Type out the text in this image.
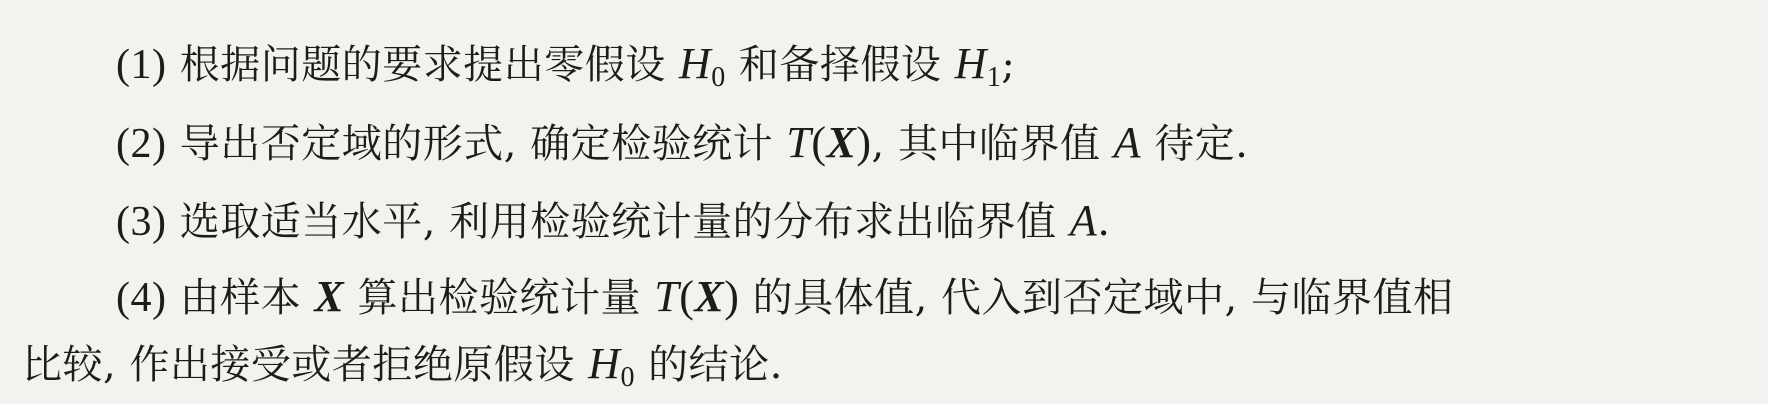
(1) 根据问题的要求提出零假设 $H_0$ 和备择假设 $H_1$;
(2) 导出否定域的形式, 确定检验统计 T(X), 其中临界值 A 待定.
(3) 选取适当水平, 利用检验统计量的分布求出临界值 A.
(4) 由样本 X 算出检验统计量 T(X) 的具体值, 代入到否定域中, 与临界值相
比较, 作出接受或者拒绝原假设 $H_0$ 的结论.
